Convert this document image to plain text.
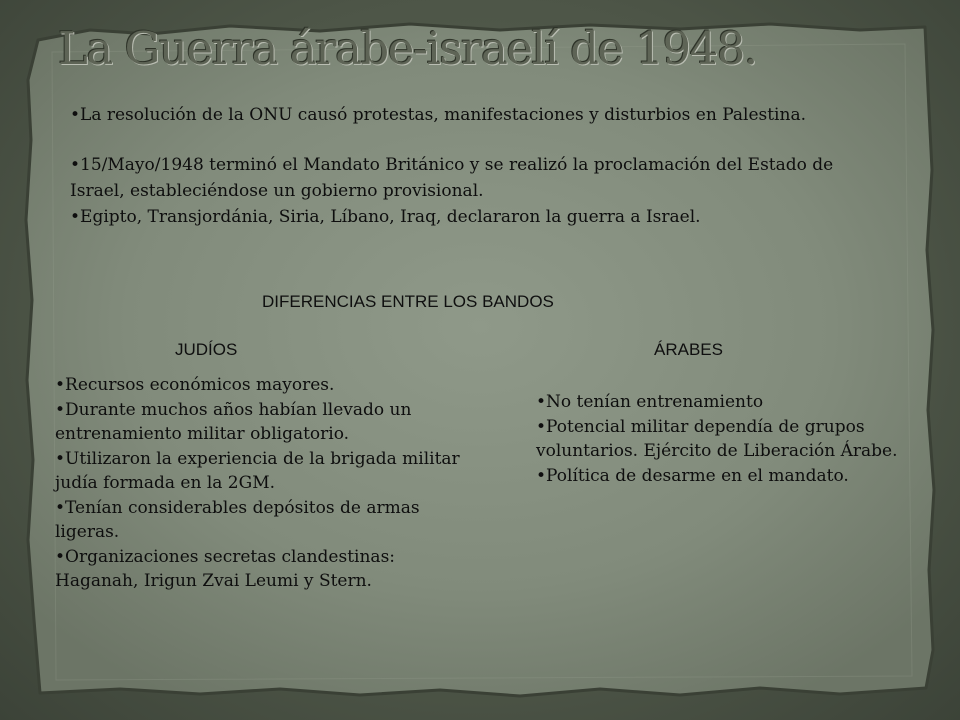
La Guerra árabe-israelí de 1948.
•La resolución de la ONU causó protestas, manifestaciones y disturbios en Palestina.
•15/Mayo/1948 terminó el Mandato Británico y se realizó la proclamación del Estado de Israel, estableciéndose un gobierno provisional.
•Egipto, Transjordánia, Siria, Líbano, Iraq, declararon la guerra a Israel.
DIFERENCIAS ENTRE LOS BANDOS
JUDÍOS	ÁRABES
•Recursos económicos mayores.
•Durante muchos años habían llevado un entrenamiento militar obligatorio.
•Utilizaron la experiencia de la brigada militar judía formada en la 2GM.
•Tenían considerables depósitos de armas ligeras.
•Organizaciones secretas clandestinas: Haganah, Irigun Zvai Leumi y Stern.
•No tenían entrenamiento
•Potencial militar dependía de grupos voluntarios. Ejército de Liberación Árabe.
•Política de desarme en el mandato.
